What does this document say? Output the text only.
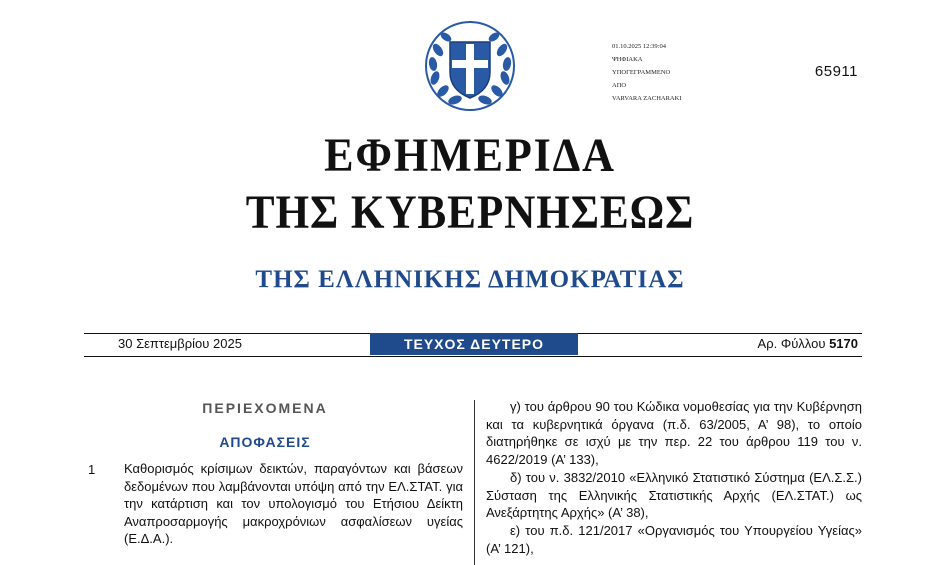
01.10.2025 12:39:04
ΨΗΦΙΑΚΑ
ΥΠΟΓΕΓΡΑΜΜΕΝΟ
ΑΠΟ
VARVARA ZACHARAKI
65911
ΕΦΗΜΕΡΙΔΑ
ΤΗΣ ΚΥΒΕΡΝΗΣΕΩΣ
ΤΗΣ ΕΛΛΗΝΙΚΗΣ ΔΗΜΟΚΡΑΤΙΑΣ
30 Σεπτεμβρίου 2025	ΤΕΥΧΟΣ ΔΕΥΤΕΡΟ	Αρ. Φύλλου 5170
ΠΕΡΙΕΧΟΜΕΝΑ
ΑΠΟΦΑΣΕΙΣ
1 Καθορισμός κρίσιμων δεικτών, παραγόντων και βάσεων δεδομένων που λαμβάνονται υπόψη από την ΕΛ.ΣΤΑΤ. για την κατάρτιση και τον υπολογισμό του Ετήσιου Δείκτη Αναπροσαρμογής μακροχρόνιων ασφαλίσεων υγείας (Ε.Δ.Α.).

γ) του άρθρου 90 του Κώδικα νομοθεσίας για την Κυβέρνηση και τα κυβερνητικά όργανα (π.δ. 63/2005, Α’ 98), το οποίο διατηρήθηκε σε ισχύ με την περ. 22 του άρθρου 119 του ν. 4622/2019 (Α’ 133),

δ) του ν. 3832/2010 «Ελληνικό Στατιστικό Σύστημα (ΕΛ.Σ.Σ.) Σύσταση της Ελληνικής Στατιστικής Αρχής (ΕΛ.ΣΤΑΤ.) ως Ανεξάρτητης Αρχής» (Α’ 38),

ε) του π.δ. 121/2017 «Οργανισμός του Υπουργείου Υγείας» (Α’ 121),
